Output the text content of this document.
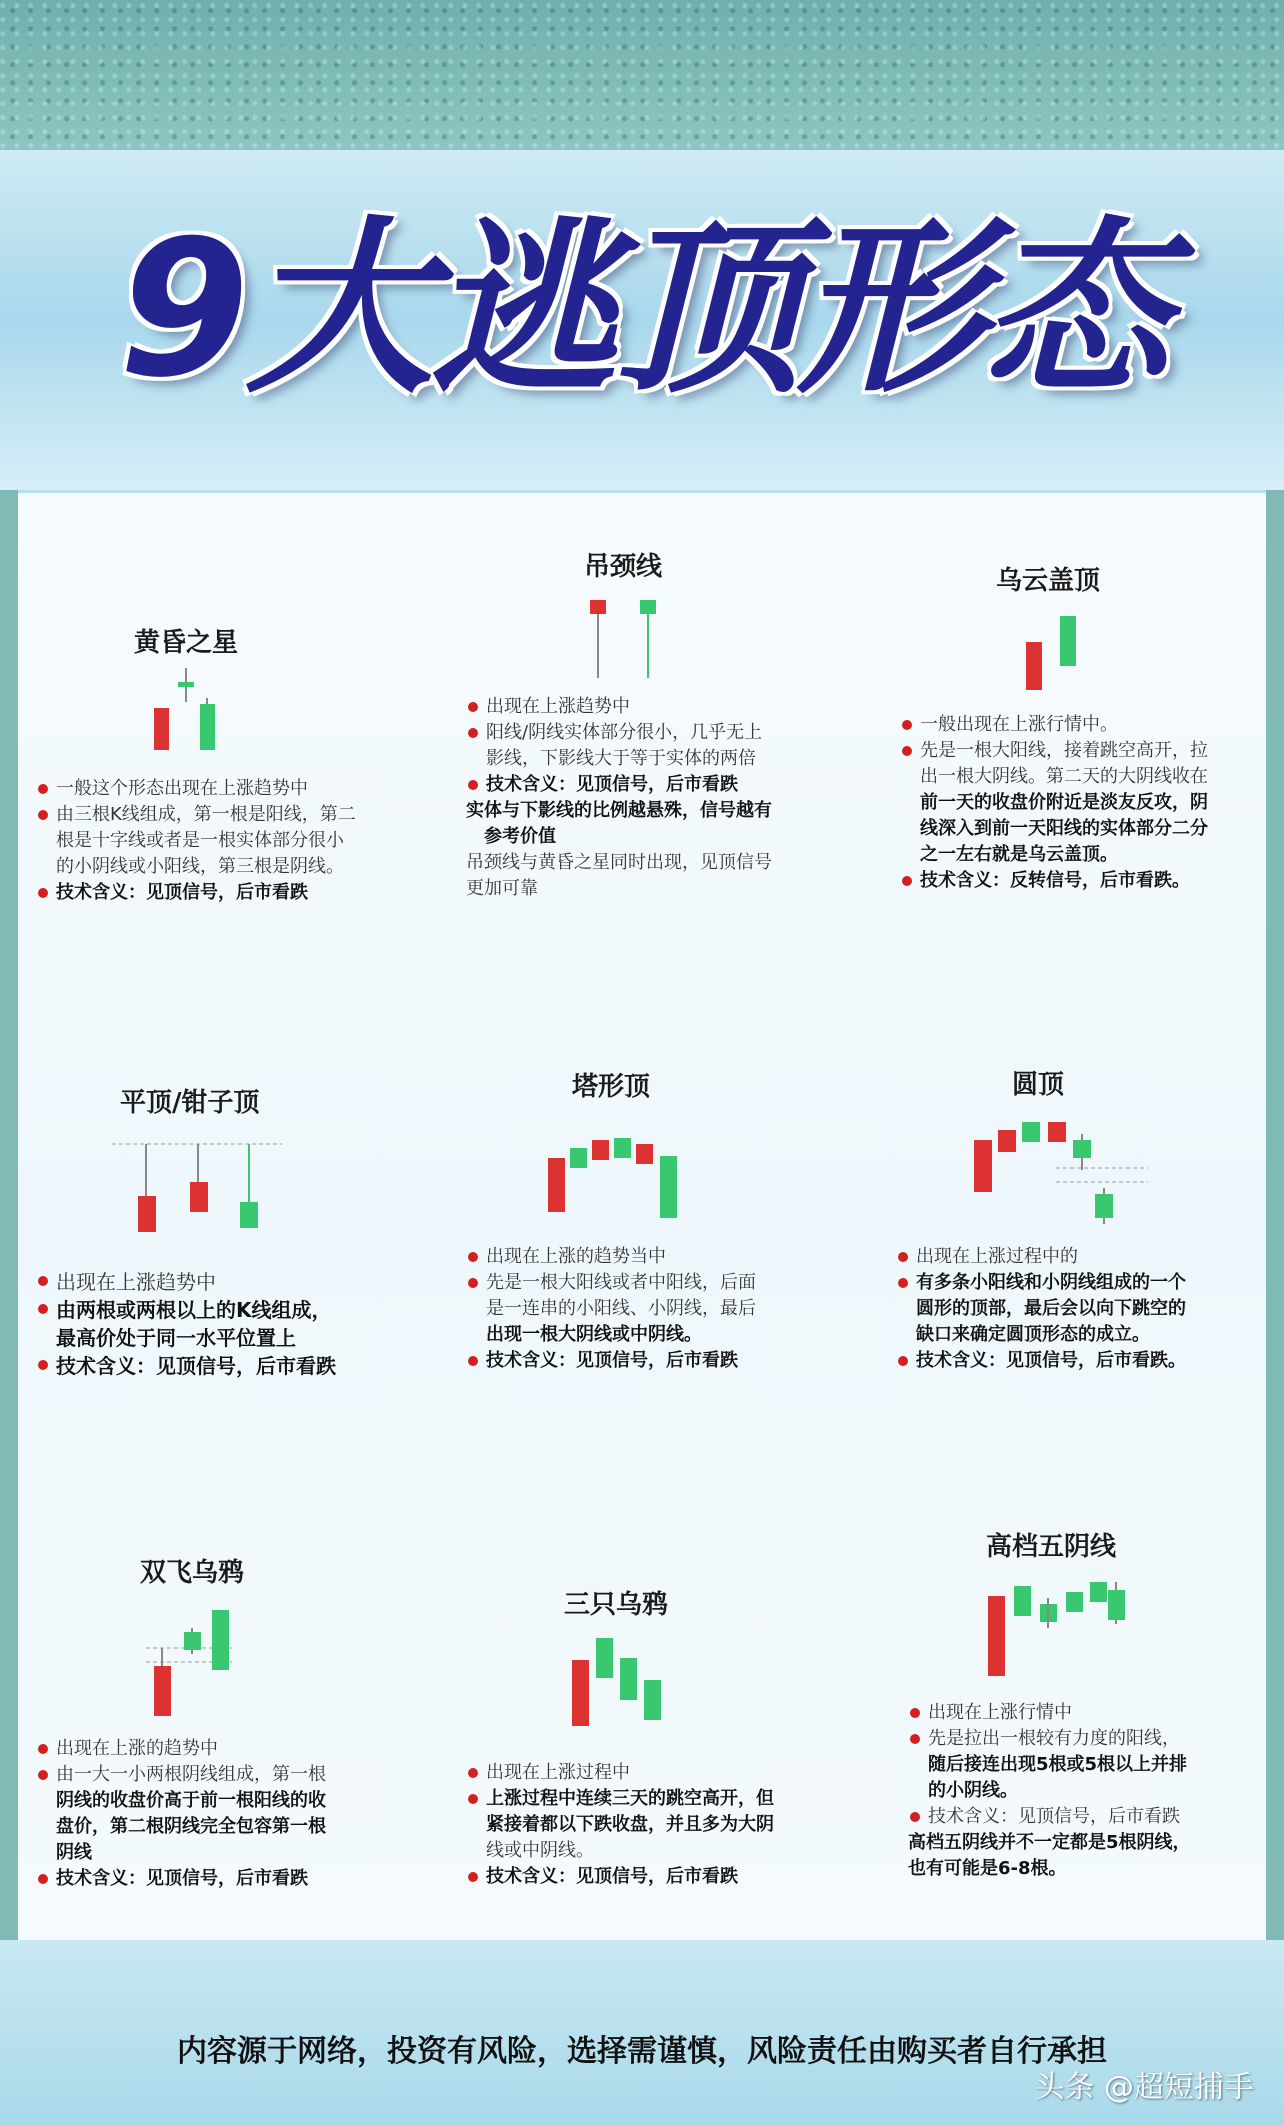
9大逃顶形态
黄昏之星
一般这个形态出现在上涨趋势中
由三根K线组成，第一根是阳线，第二
根是十字线或者是一根实体部分很小
的小阴线或小阳线，第三根是阴线。
技术含义：见顶信号，后市看跌
吊颈线
出现在上涨趋势中
阳线/阴线实体部分很小，几乎无上
影线，下影线大于等于实体的两倍
技术含义：见顶信号，后市看跌
实体与下影线的比例越悬殊，信号越有
参考价值
吊颈线与黄昏之星同时出现，见顶信号
更加可靠
乌云盖顶
一般出现在上涨行情中。
先是一根大阳线，接着跳空高开，拉
出一根大阴线。第二天的大阴线收在
前一天的收盘价附近是淡友反攻，阴
线深入到前一天阳线的实体部分二分
之一左右就是乌云盖顶。
技术含义：反转信号，后市看跌。
平顶/钳子顶
出现在上涨趋势中
由两根或两根以上的K线组成，
最高价处于同一水平位置上
技术含义：见顶信号，后市看跌
塔形顶
出现在上涨的趋势当中
先是一根大阳线或者中阳线，后面
是一连串的小阳线、小阴线，最后
出现一根大阴线或中阴线。
技术含义：见顶信号，后市看跌
圆顶
出现在上涨过程中的
有多条小阳线和小阴线组成的一个
圆形的顶部，最后会以向下跳空的
缺口来确定圆顶形态的成立。
技术含义：见顶信号，后市看跌。
双飞乌鸦
出现在上涨的趋势中
由一大一小两根阴线组成，第一根
阴线的收盘价高于前一根阳线的收
盘价，第二根阴线完全包容第一根
阴线
技术含义：见顶信号，后市看跌
三只乌鸦
出现在上涨过程中
上涨过程中连续三天的跳空高开，但
紧接着都以下跌收盘，并且多为大阴
线或中阴线。
技术含义：见顶信号，后市看跌
高档五阴线
出现在上涨行情中
先是拉出一根较有力度的阳线，
随后接连出现5根或5根以上并排
的小阴线。
技术含义：见顶信号，后市看跌
高档五阴线并不一定都是5根阴线，
也有可能是6-8根。
内容源于网络，投资有风险，选择需谨慎，风险责任由购买者自行承担
头条 @超短捕手
